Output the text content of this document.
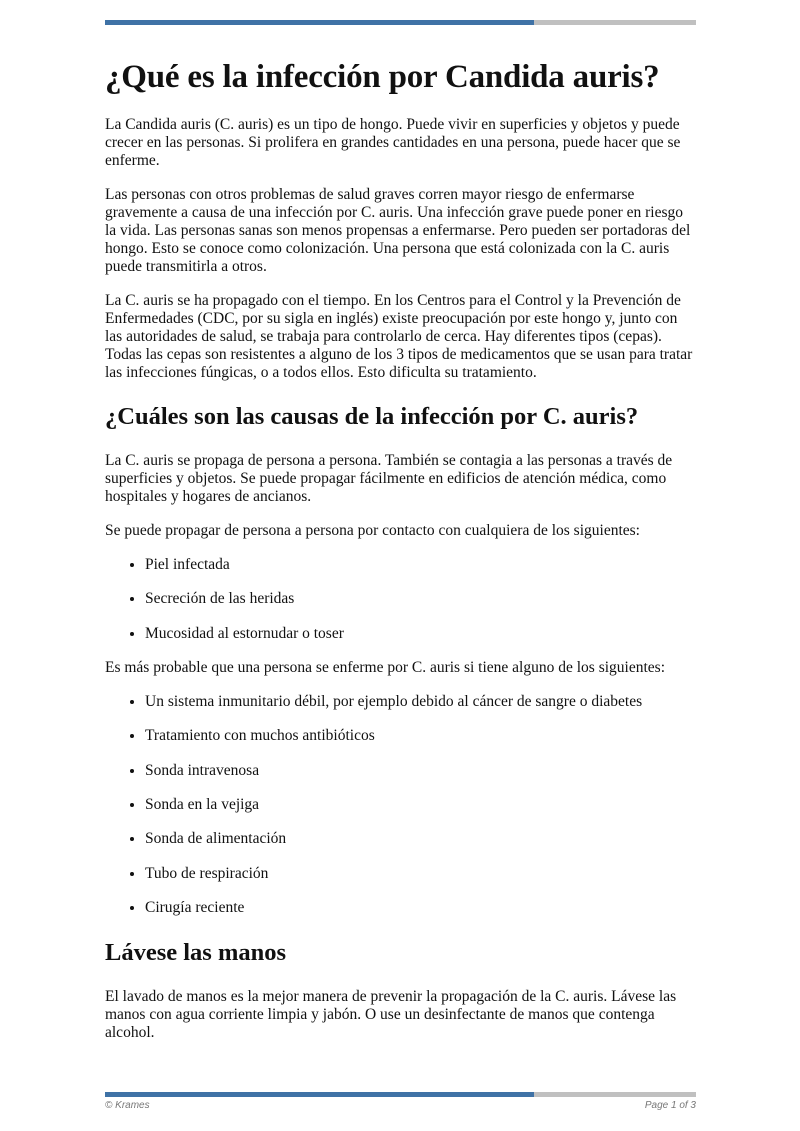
¿Qué es la infección por Candida auris?

La Candida auris (C. auris) es un tipo de hongo. Puede vivir en superficies y objetos y puede crecer en las personas. Si prolifera en grandes cantidades en una persona, puede hacer que se enferme.

Las personas con otros problemas de salud graves corren mayor riesgo de enfermarse gravemente a causa de una infección por C. auris. Una infección grave puede poner en riesgo la vida. Las personas sanas son menos propensas a enfermarse. Pero pueden ser portadoras del hongo. Esto se conoce como colonización. Una persona que está colonizada con la C. auris puede transmitirla a otros.

La C. auris se ha propagado con el tiempo. En los Centros para el Control y la Prevención de Enfermedades (CDC, por su sigla en inglés) existe preocupación por este hongo y, junto con las autoridades de salud, se trabaja para controlarlo de cerca. Hay diferentes tipos (cepas). Todas las cepas son resistentes a alguno de los 3 tipos de medicamentos que se usan para tratar las infecciones fúngicas, o a todos ellos. Esto dificulta su tratamiento.

¿Cuáles son las causas de la infección por C. auris?

La C. auris se propaga de persona a persona. También se contagia a las personas a través de superficies y objetos. Se puede propagar fácilmente en edificios de atención médica, como hospitales y hogares de ancianos.

Se puede propagar de persona a persona por contacto con cualquiera de los siguientes:

• Piel infectada
• Secreción de las heridas
• Mucosidad al estornudar o toser

Es más probable que una persona se enferme por C. auris si tiene alguno de los siguientes:

• Un sistema inmunitario débil, por ejemplo debido al cáncer de sangre o diabetes
• Tratamiento con muchos antibióticos
• Sonda intravenosa
• Sonda en la vejiga
• Sonda de alimentación
• Tubo de respiración
• Cirugía reciente
Lávese las manos

El lavado de manos es la mejor manera de prevenir la propagación de la C. auris. Lávese las manos con agua corriente limpia y jabón. O use un desinfectante de manos que contenga alcohol.

© Krames	Page 1 of 3
